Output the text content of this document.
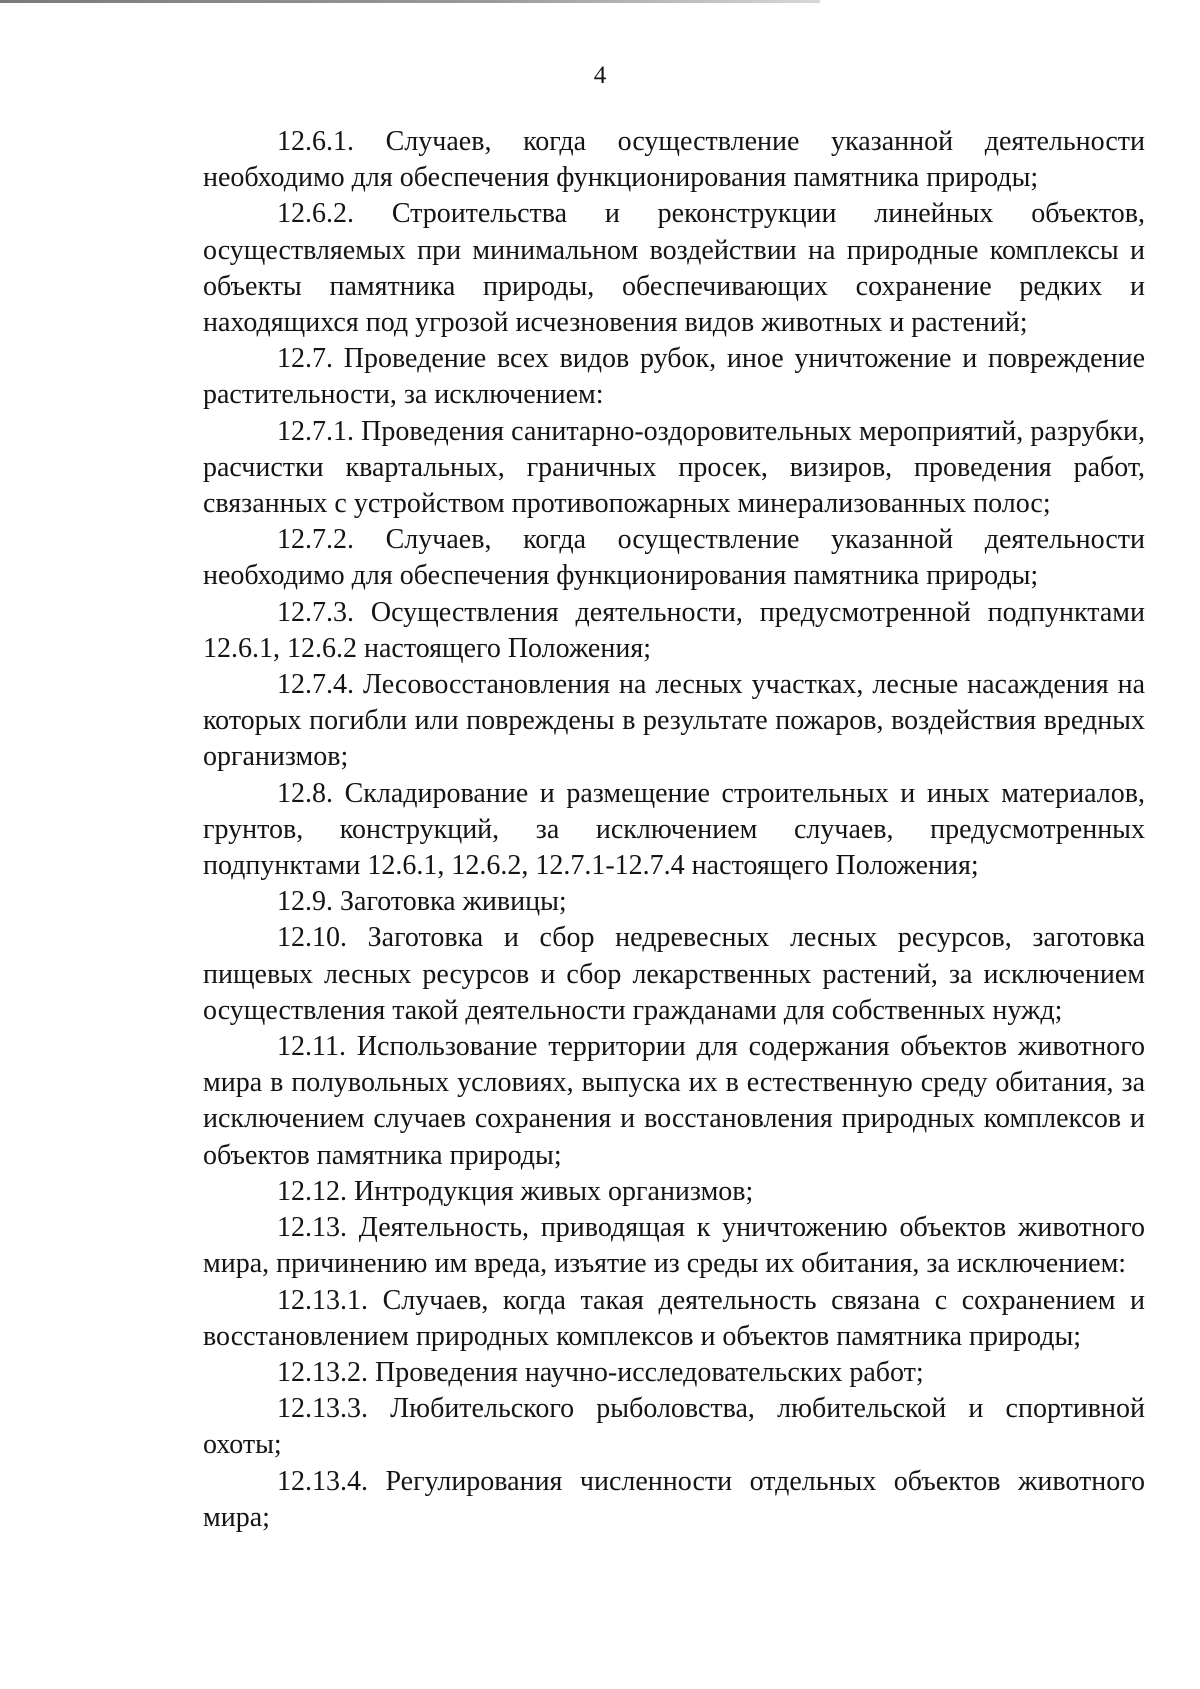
4

12.6.1. Случаев, когда осуществление указанной деятельности необходимо для обеспечения функционирования памятника природы;

12.6.2. Строительства и реконструкции линейных объектов, осуществляемых при минимальном воздействии на природные комплексы и объекты памятника природы, обеспечивающих сохранение редких и находящихся под угрозой исчезновения видов животных и растений;

12.7. Проведение всех видов рубок, иное уничтожение и повреждение растительности, за исключением:

12.7.1. Проведения санитарно-оздоровительных мероприятий, разрубки, расчистки квартальных, граничных просек, визиров, проведения работ, связанных с устройством противопожарных минерализованных полос;

12.7.2. Случаев, когда осуществление указанной деятельности необходимо для обеспечения функционирования памятника природы;

12.7.3. Осуществления деятельности, предусмотренной подпунктами 12.6.1, 12.6.2 настоящего Положения;

12.7.4. Лесовосстановления на лесных участках, лесные насаждения на которых погибли или повреждены в результате пожаров, воздействия вредных организмов;

12.8. Складирование и размещение строительных и иных материалов, грунтов, конструкций, за исключением случаев, предусмотренных подпунктами 12.6.1, 12.6.2, 12.7.1-12.7.4 настоящего Положения;

12.9. Заготовка живицы;

12.10. Заготовка и сбор недревесных лесных ресурсов, заготовка пищевых лесных ресурсов и сбор лекарственных растений, за исключением осуществления такой деятельности гражданами для собственных нужд;

12.11. Использование территории для содержания объектов животного мира в полувольных условиях, выпуска их в естественную среду обитания, за исключением случаев сохранения и восстановления природных комплексов и объектов памятника природы;

12.12. Интродукция живых организмов;

12.13. Деятельность, приводящая к уничтожению объектов животного мира, причинению им вреда, изъятие из среды их обитания, за исключением:

12.13.1. Случаев, когда такая деятельность связана с сохранением и восстановлением природных комплексов и объектов памятника природы;

12.13.2. Проведения научно-исследовательских работ;

12.13.3. Любительского рыболовства, любительской и спортивной охоты;

12.13.4. Регулирования численности отдельных объектов животного мира;
